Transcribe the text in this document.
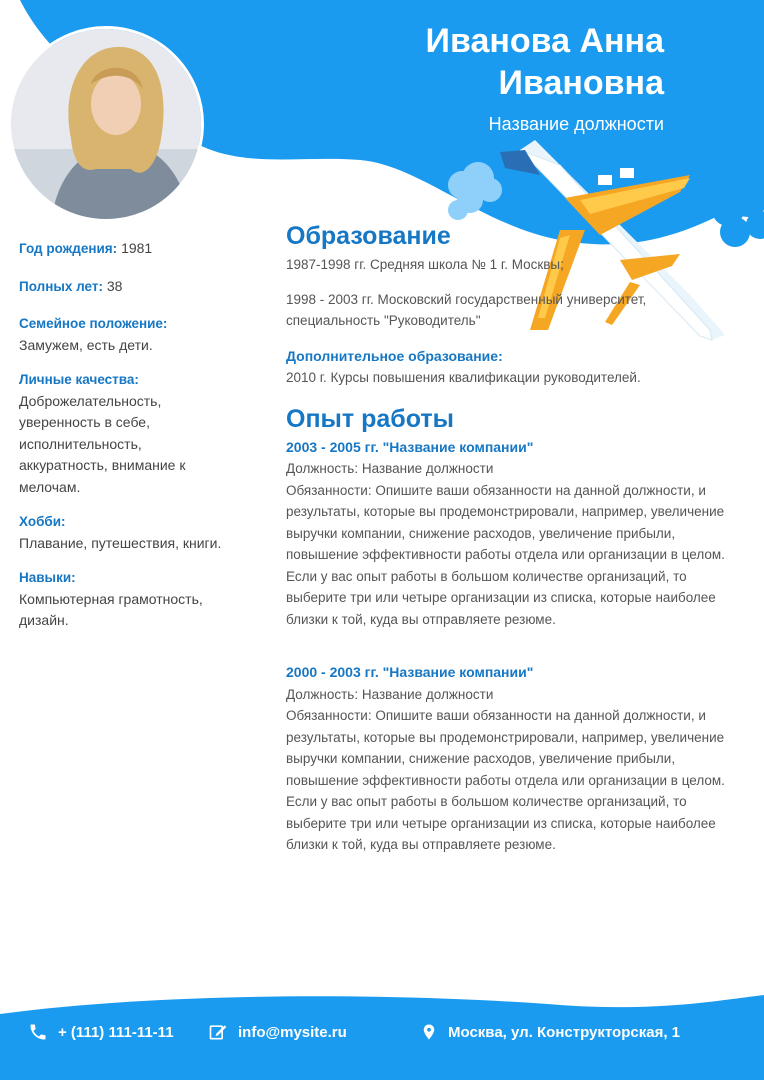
Иванова Анна
Ивановна
Название должности
Год рождения: 1981
Полных лет: 38
Семейное положение:
Замужем, есть дети.
Личные качества:
Доброжелательность, уверенность в себе, исполнительность, аккуратность, внимание к мелочам.
Хобби:
Плавание, путешествия, книги.
Навыки:
Компьютерная грамотность, дизайн.
Образование

1987-1998 гг. Средняя школа № 1 г. Москвы;

1998 - 2003 гг. Московский государственный университет, специальность "Руководитель"

Дополнительное образование:

2010 г. Курсы повышения квалификации руководителей.

Опыт работы
2003 - 2005 гг. "Название компании"

Должность: Название должности

Обязанности: Опишите ваши обязанности на данной должности, и результаты, которые вы продемонстрировали, например, увеличение выручки компании, снижение расходов, увеличение прибыли, повышение эффективности работы отдела или организации в целом. Если у вас опыт работы в большом количестве организаций, то выберите три или четыре организации из списка, которые наиболее близки к той, куда вы отправляете резюме.

2000 - 2003 гг. "Название компании"

Должность: Название должности

Обязанности: Опишите ваши обязанности на данной должности, и результаты, которые вы продемонстрировали, например, увеличение выручки компании, снижение расходов, увеличение прибыли, повышение эффективности работы отдела или организации в целом. Если у вас опыт работы в большом количестве организаций, то выберите три или четыре организации из списка, которые наиболее близки к той, куда вы отправляете резюме.

+ (111) 111-11-11	info@mysite.ru	Москва, ул. Конструкторская, 1
